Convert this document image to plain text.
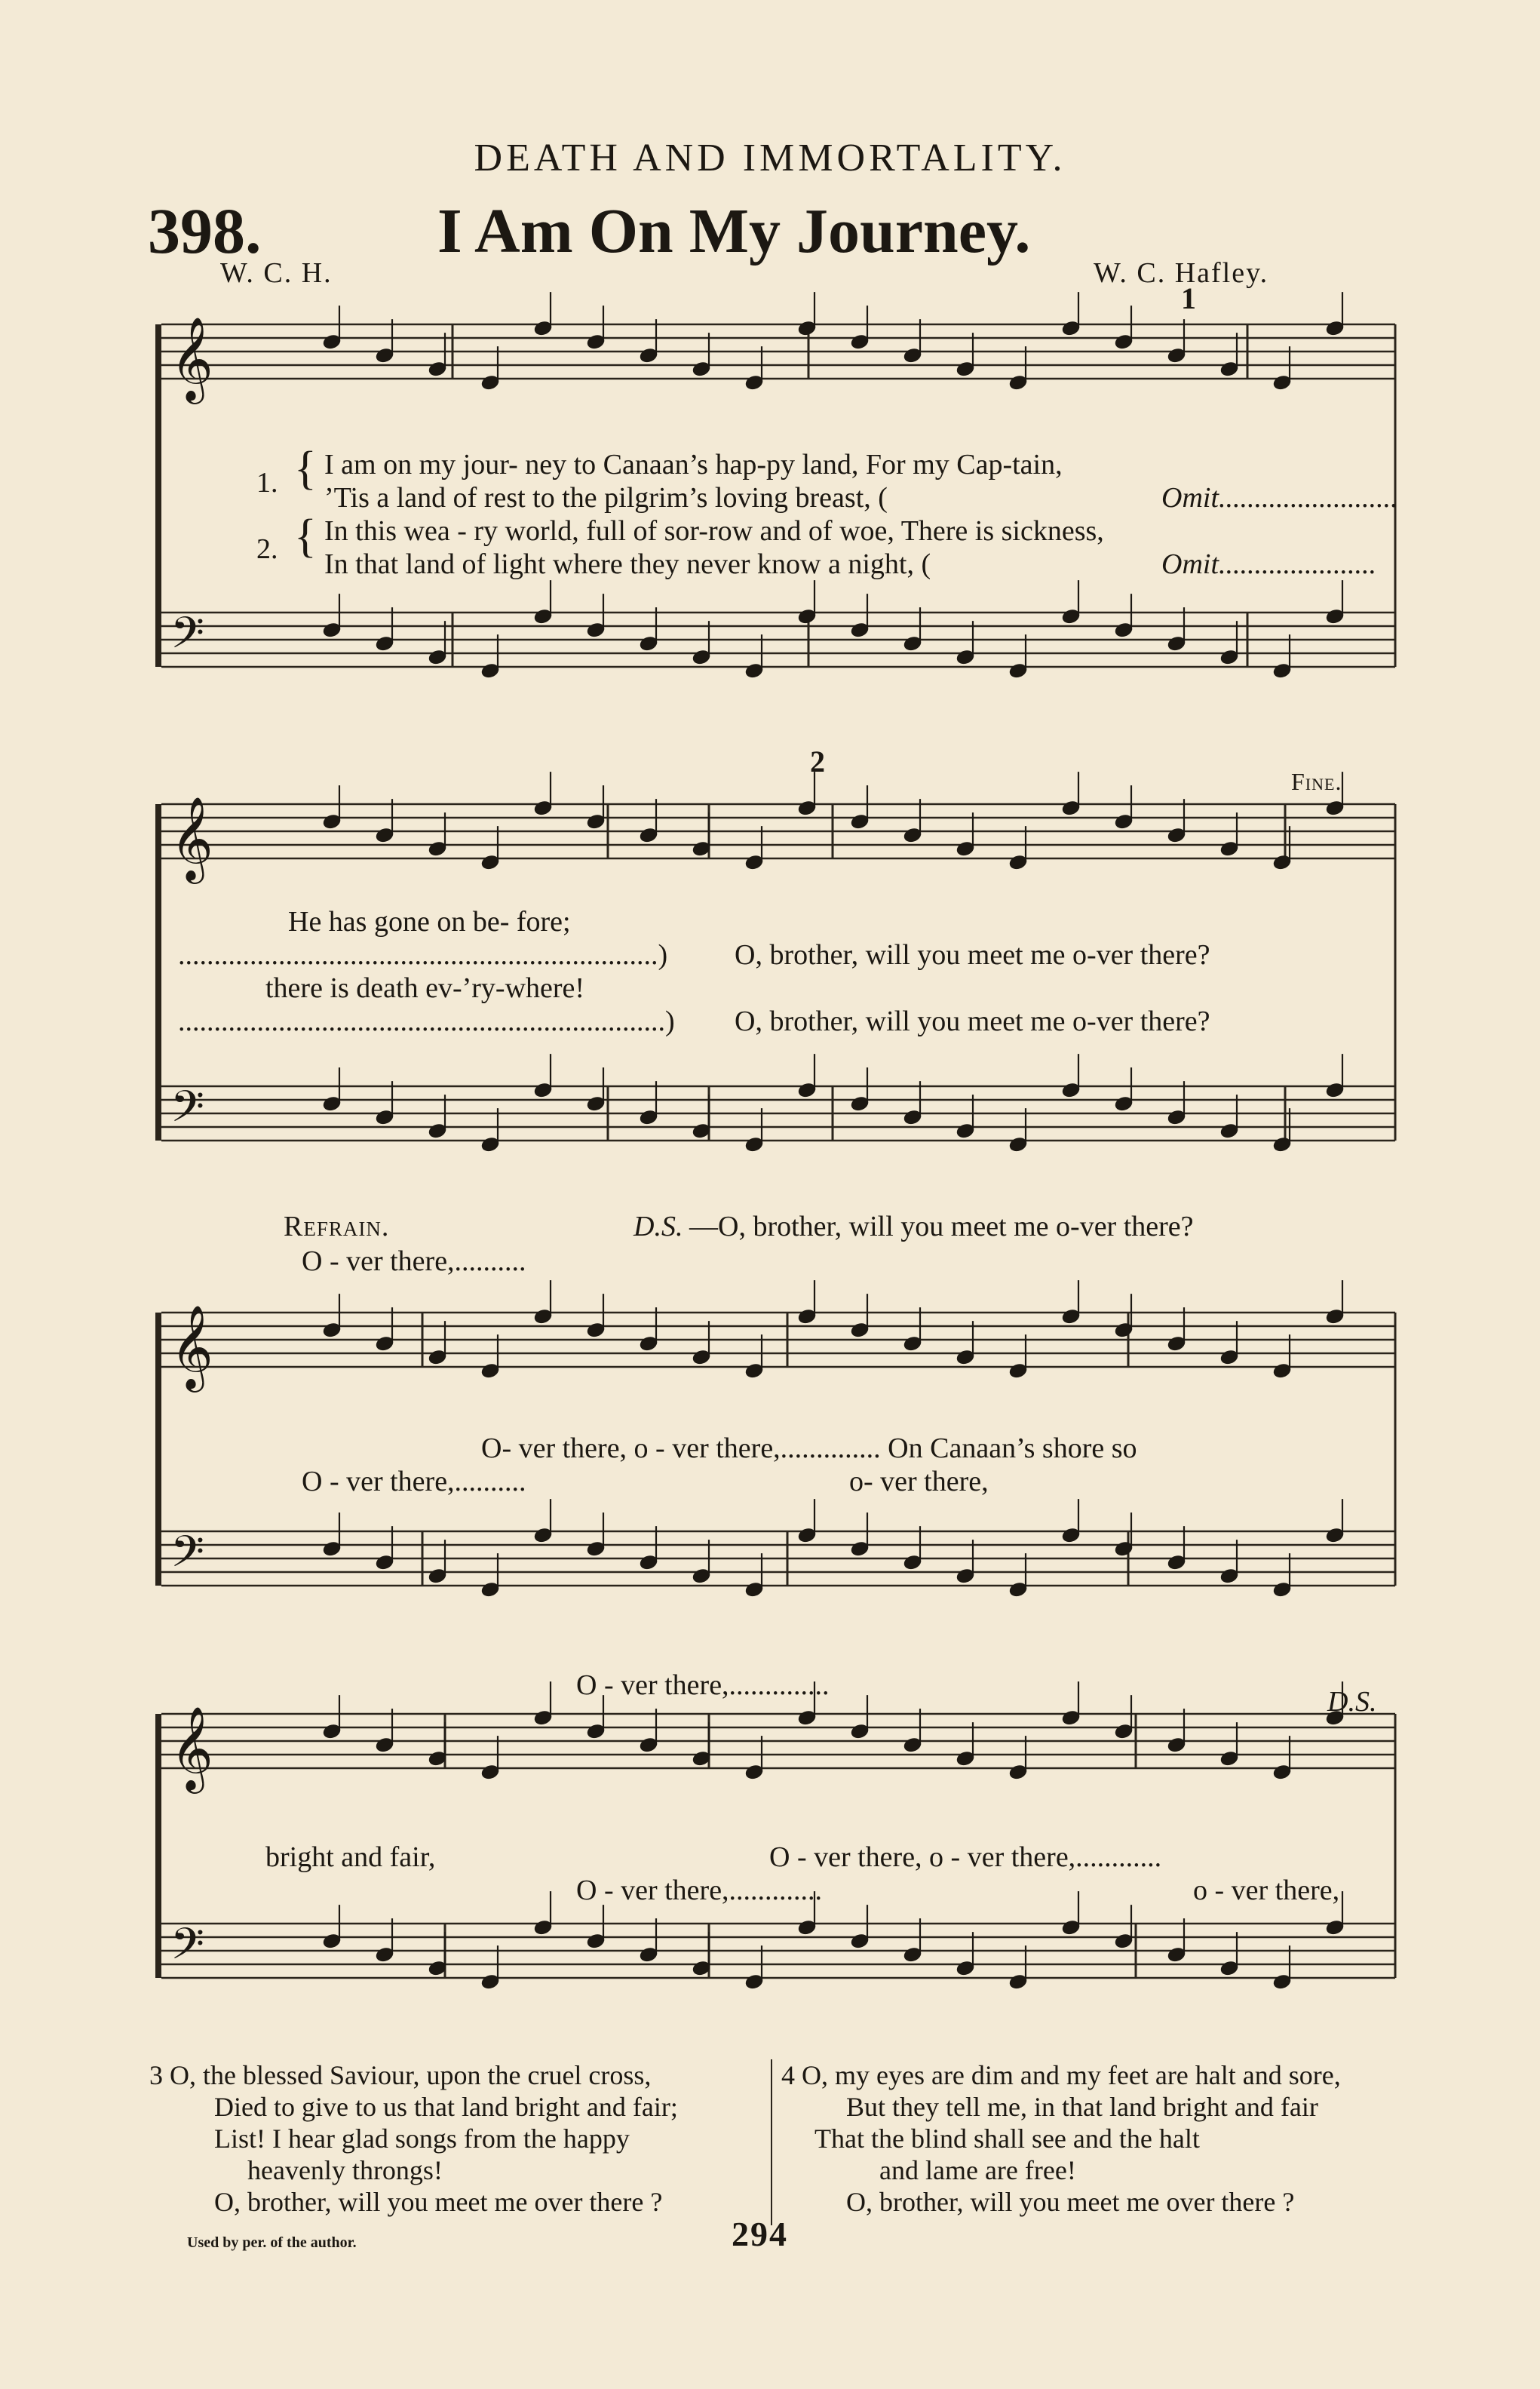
DEATH AND IMMORTALITY.
398.	I Am On My Journey.
W. C. H.	W. C. Hafley.
𝄞
𝄢
𝄞
𝄢
𝄞
𝄢
𝄞
𝄢
1
1. { I am on my jour- ney to Canaan’s hap-py land, For my Cap-tain,
’Tis a land of rest to the pilgrim’s loving breast, (	Omit.........................
2. { In this wea - ry world, full of sor-row and of woe, There is sickness,
In that land of light where they never know a night, (	Omit......................
2
Fine.
He has gone on be- fore;
...................................................................) O, brother, will you meet me o-ver there?
there is death ev-’ry-where!
....................................................................) O, brother, will you meet me o-ver there?
Refrain.	D.S. —O, brother, will you meet me o-ver there?
O - ver there,..........
O- ver there, o - ver there,.............. On Canaan’s shore so
O - ver there,..........	o- ver there,
O - ver there,..............
D.S.
bright and fair,	O - ver there, o - ver there,............
O - ver there,.............	o - ver there,
3 O, the blessed Saviour, upon the cruel cross,
Died to give to us that land bright and fair;
List! I hear glad songs from the happy
heavenly throngs!
O, brother, will you meet me over there ?
4 O, my eyes are dim and my feet are halt and sore,
But they tell me, in that land bright and fair
That the blind shall see and the halt
and lame are free!
O, brother, will you meet me over there ?
Used by per. of the author.	294
